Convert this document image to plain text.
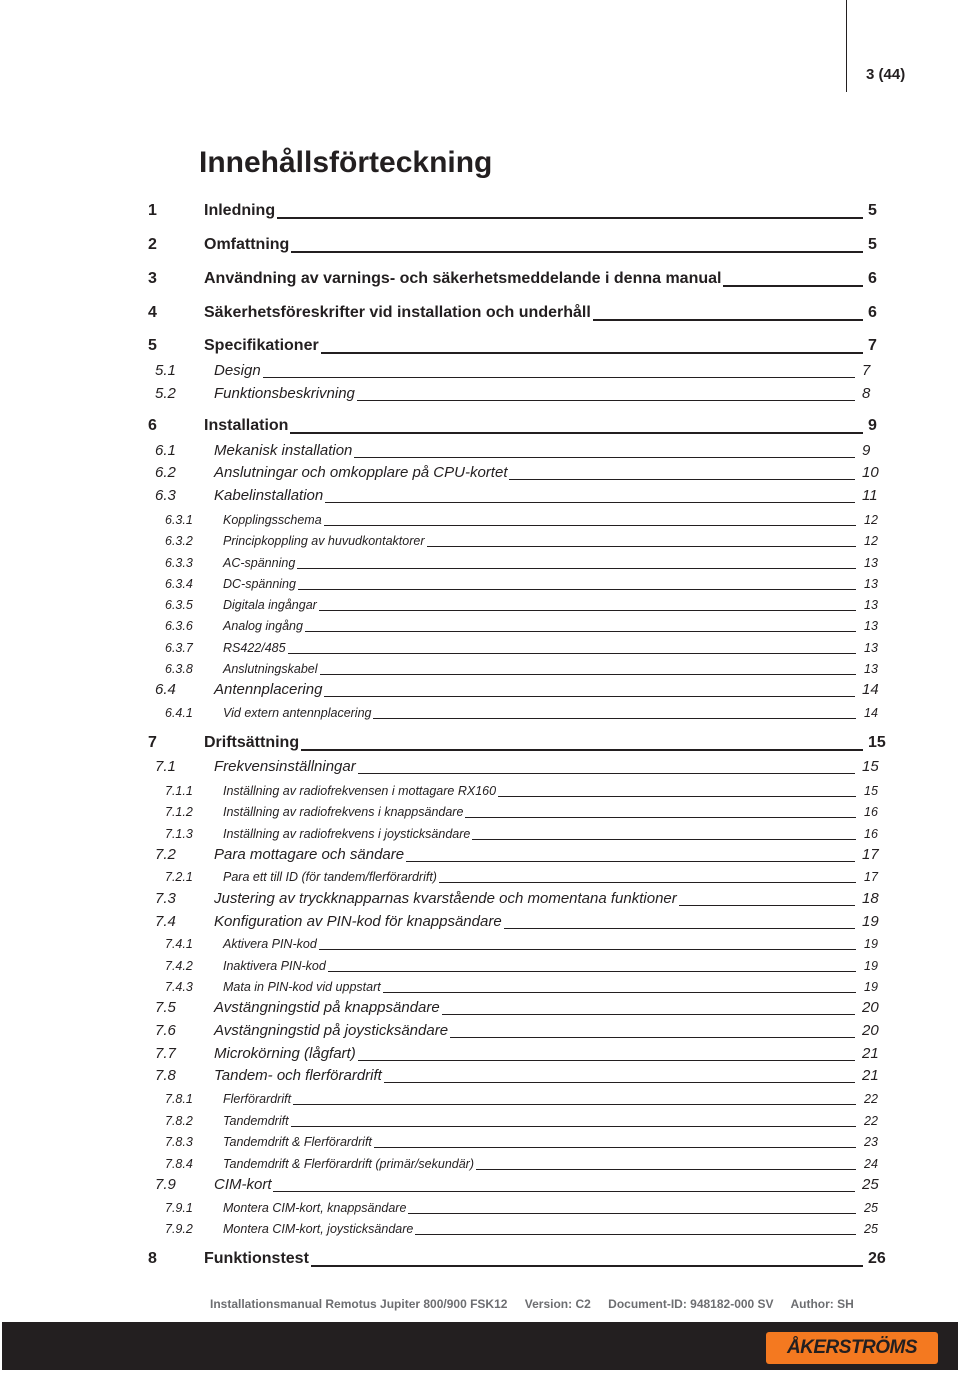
3 (44)
Innehållsförteckning
1	Inledning	5
2	Omfattning	5
3	Användning av varnings- och säkerhetsmeddelande i denna manual	6
4	Säkerhetsföreskrifter vid installation och underhåll	6
5	Specifikationer	7
5.1	Design	7
5.2	Funktionsbeskrivning	8
6	Installation	9
6.1	Mekanisk installation	9
6.2	Anslutningar och omkopplare på CPU-kortet	10
6.3	Kabelinstallation	11
6.3.1 Kopplingsschema	12
6.3.2 Principkoppling av huvudkontaktorer	12
6.3.3 AC-spänning	13
6.3.4 DC-spänning	13
6.3.5 Digitala ingångar	13
6.3.6 Analog ingång	13
6.3.7 RS422/485	13
6.3.8 Anslutningskabel	13
6.4	Antennplacering	14
6.4.1 Vid extern antennplacering	14
7	Driftsättning	15
7.1	Frekvensinställningar	15
7.1.1 Inställning av radiofrekvensen i mottagare RX160	15
7.1.2 Inställning av radiofrekvens i knappsändare	16
7.1.3 Inställning av radiofrekvens i joysticksändare	16
7.2	Para mottagare och sändare	17
7.2.1 Para ett till ID (för tandem/flerförardrift)	17
7.3	Justering av tryckknapparnas kvarstående och momentana funktioner	18
7.4	Konfiguration av PIN-kod för knappsändare	19
7.4.1 Aktivera PIN-kod	19
7.4.2 Inaktivera PIN-kod	19
7.4.3 Mata in PIN-kod vid uppstart	19
7.5	Avstängningstid på knappsändare	20
7.6	Avstängningstid på joysticksändare	20
7.7	Microkörning (lågfart)	21
7.8	Tandem- och flerförardrift	21
7.8.1 Flerförardrift	22
7.8.2 Tandemdrift	22
7.8.3 Tandemdrift & Flerförardrift	23
7.8.4 Tandemdrift & Flerförardrift (primär/sekundär)	24
7.9	CIM-kort	25
7.9.1 Montera CIM-kort, knappsändare	25
7.9.2 Montera CIM-kort, joysticksändare	25
8	Funktionstest	26
Installationsmanual Remotus Jupiter 800/900 FSK12 Version: C2 Document-ID: 948182-000 SV Author: SH
ÅKERSTRÖMS
